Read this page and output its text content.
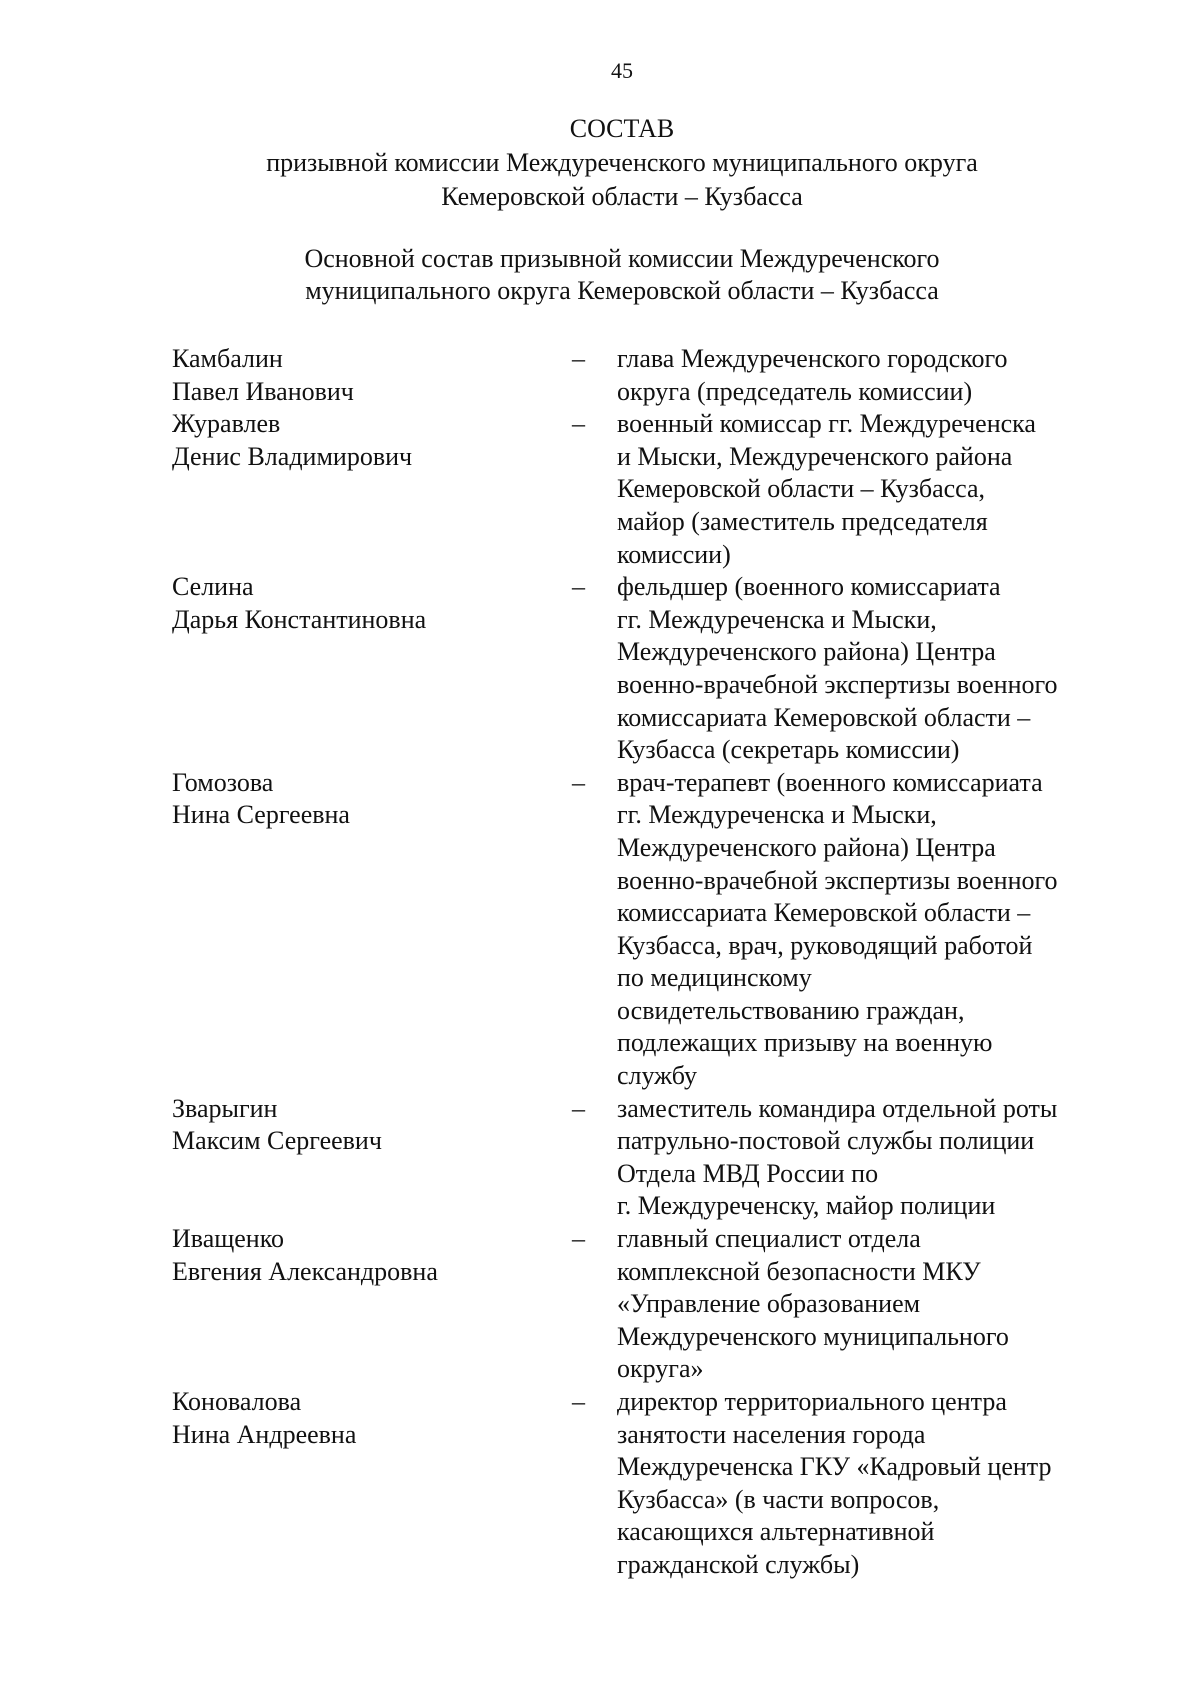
45
СОСТАВ
призывной комиссии Междуреченского муниципального округа
Кемеровской области – Кузбасса
Основной состав призывной комиссии Междуреченского
муниципального округа Кемеровской области – Кузбасса
Камбалин
Павел Иванович
–	глава Междуреченского городского
округа (председатель комиссии)
Журавлев
Денис Владимирович
–	военный комиссар гг. Междуреченска
и Мыски, Междуреченского района
Кемеровской области – Кузбасса,
майор (заместитель председателя
комиссии)
Селина
Дарья Константиновна
–	фельдшер (военного комиссариата
гг. Междуреченска и Мыски,
Междуреченского района) Центра
военно-врачебной экспертизы военного
комиссариата Кемеровской области –
Кузбасса (секретарь комиссии)
Гомозова
Нина Сергеевна
–	врач-терапевт (военного комиссариата
гг. Междуреченска и Мыски,
Междуреченского района) Центра
военно-врачебной экспертизы военного
комиссариата Кемеровской области –
Кузбасса, врач, руководящий работой
по медицинскому
освидетельствованию граждан,
подлежащих призыву на военную
службу
Зварыгин
Максим Сергеевич
–	заместитель командира отдельной роты
патрульно-постовой службы полиции
Отдела МВД России по
г. Междуреченску, майор полиции
Иващенко
Евгения Александровна
–	главный специалист отдела
комплексной безопасности МКУ
«Управление образованием
Междуреченского муниципального
округа»
Коновалова
Нина Андреевна
–	директор территориального центра
занятости населения города
Междуреченска ГКУ «Кадровый центр
Кузбасса» (в части вопросов,
касающихся альтернативной
гражданской службы)
